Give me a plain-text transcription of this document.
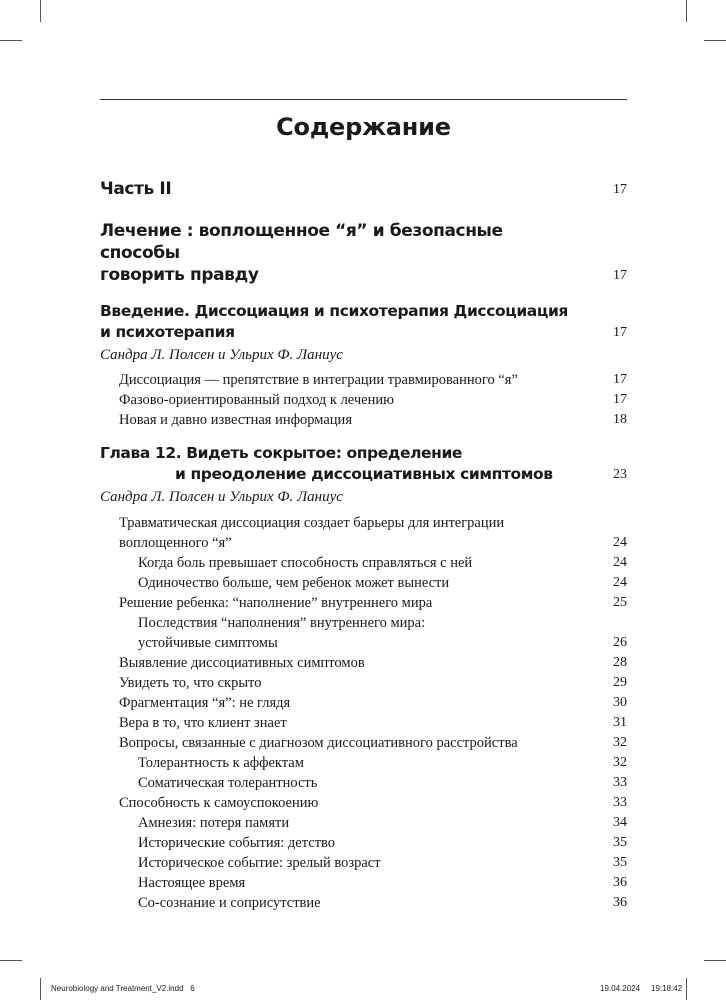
Содержание
Часть II	17
Лечение : воплощенное “я” и безопасные способы
говорить правду	17
Введение. Диссоциация и психотерапия Диссоциация
и психотерапия	17
Сандра Л. Полсен и Ульрих Ф. Ланиус
Диссоциация — препятствие в интеграции травмированного “я”	17
Фазово-ориентированный подход к лечению	17
Новая и давно известная информация	18
Глава 12. Видеть сокрытое: определение

и преодоление диссоциативных симптомов	23
Сандра Л. Полсен и Ульрих Ф. Ланиус
Травматическая диссоциация создает барьеры для интеграции
воплощенного “я”	24
Когда боль превышает способность справляться с ней	24
Одиночество больше, чем ребенок может вынести	24
Решение ребенка: “наполнение” внутреннего мира	25
Последствия “наполнения” внутреннего мира:
устойчивые симптомы	26
Выявление диссоциативных симптомов	28
Увидеть то, что скрыто	29
Фрагментация “я”: не глядя	30
Вера в то, что клиент знает	31
Вопросы, связанные с диагнозом диссоциативного расстройства	32
Толерантность к аффектам	32
Соматическая толерантность	33
Способность к самоуспокоению	33
Амнезия: потеря памяти	34
Исторические события: детство	35
Историческое событие: зрелый возраст	35
Настоящее время	36
Со-сознание и соприсутствие	36
Neurobiology and Treatment_V2.indd   6	19.04.2024 19:18:42
